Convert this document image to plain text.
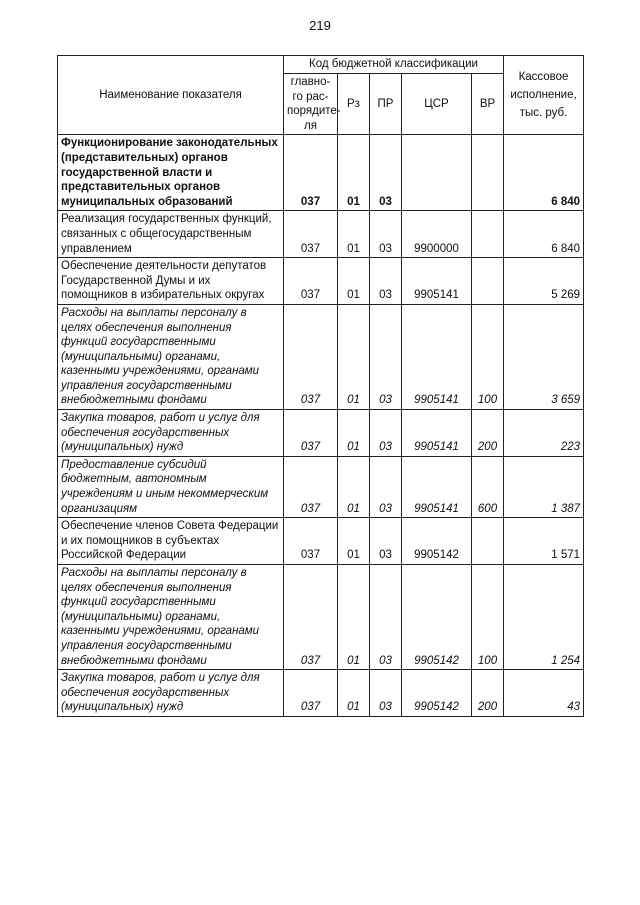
219
Наименование показателя	Код бюджетной классификации					Кассовое исполнение, тыс. руб.
	главно-го рас-порядите-ля	Рз	ПР	ЦСР	ВР	
Функционирование законодательных (представительных) органов государственной власти и представительных органов муниципальных образований	037	01	03			6 840
Реализация государственных функций, связанных с общегосударственным управлением	037	01	03	9900000		6 840
Обеспечение деятельности депутатов Государственной Думы и их помощников в избирательных округах	037	01	03	9905141		5 269
Расходы на выплаты персоналу в целях обеспечения выполнения функций государственными (муниципальными) органами, казенными учреждениями, органами управления государственными внебюджетными фондами	037	01	03	9905141	100	3 659
Закупка товаров, работ и услуг для обеспечения государственных (муниципальных) нужд	037	01	03	9905141	200	223
Предоставление субсидий бюджетным, автономным учреждениям и иным некоммерческим организациям	037	01	03	9905141	600	1 387
Обеспечение членов Совета Федерации и их помощников в субъектах Российской Федерации	037	01	03	9905142		1 571
Расходы на выплаты персоналу в целях обеспечения выполнения функций государственными (муниципальными) органами, казенными учреждениями, органами управления государственными внебюджетными фондами	037	01	03	9905142	100	1 254
Закупка товаров, работ и услуг для обеспечения государственных (муниципальных) нужд	037	01	03	9905142	200	43
